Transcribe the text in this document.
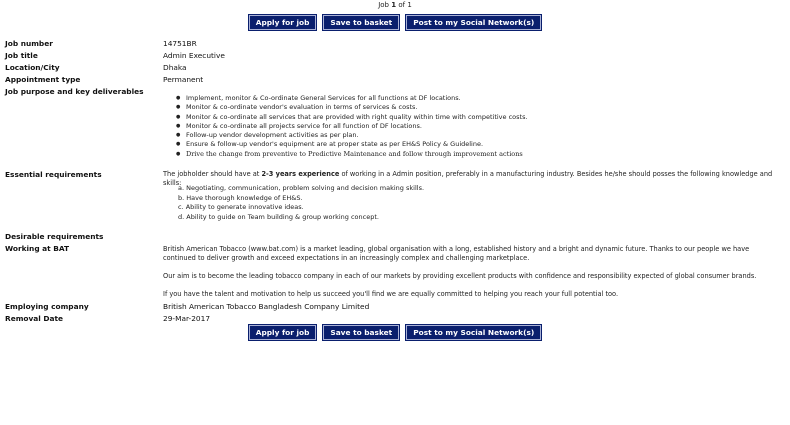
Job 1 of 1
Apply for job	Save to basket	Post to my Social Network(s)
Job number	14751BR
Job title	Admin Executive
Location/City	Dhaka
Appointment type	Permanent
Job purpose and key deliverables
● Implement, monitor & Co-ordinate General Services for all functions at DF locations.
● Monitor & co-ordinate vendor's evaluation in terms of services & costs.
● Monitor & co-ordinate all services that are provided with right quality within time with competitive costs.
● Monitor & co-ordinate all projects service for all function of DF locations.
● Follow-up vendor development activities as per plan.
● Ensure & follow-up vendor's equipment are at proper state as per EH&S Policy & Guideline.
● Drive the change from preventive to Predictive Maintenance and follow through improvement actions
Essential requirements	The jobholder should have at 2-3 years experience of working in a Admin position, preferably in a manufacturing industry. Besides he/she should posses the following knowledge and skills:
a. Negotiating, communication, problem solving and decision making skills.
b. Have thorough knowledge of EH&S.
c. Ability to generate innovative ideas.
d. Ability to guide on Team building & group working concept.
Desirable requirements
Working at BAT	British American Tobacco (www.bat.com) is a market leading, global organisation with a long, established history and a bright and dynamic future. Thanks to our people we have continued to deliver growth and exceed expectations in an increasingly complex and challenging marketplace.
Our aim is to become the leading tobacco company in each of our markets by providing excellent products with confidence and responsibility expected of global consumer brands.
If you have the talent and motivation to help us succeed you'll find we are equally committed to helping you reach your full potential too.
Employing company	British American Tobacco Bangladesh Company Limited
Removal Date	29-Mar-2017
Apply for job	Save to basket	Post to my Social Network(s)
